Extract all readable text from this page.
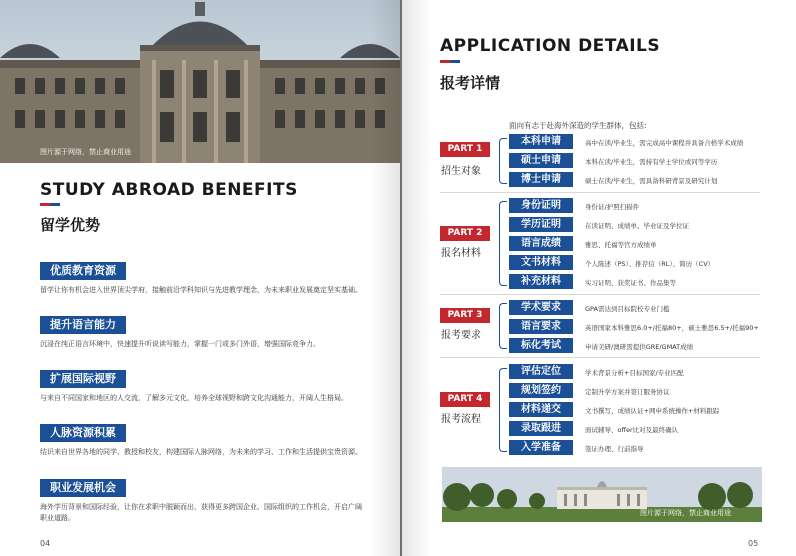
图片源于网络，禁止商业用途
STUDY ABROAD BENEFITS
留学优势
优质教育资源
留学让你有机会进入世界顶尖学府，接触前沿学科知识与先进教学理念，为未来职业发展奠定坚实基础。
提升语言能力
沉浸在纯正语言环境中，快速提升听说读写能力，掌握一门或多门外语，增强国际竞争力。
扩展国际视野
与来自不同国家和地区的人交流，了解多元文化，培养全球视野和跨文化沟通能力，开阔人生格局。
人脉资源积累
结识来自世界各地的同学、教授和校友，构建国际人脉网络，为未来的学习、工作和生活提供宝贵资源。
职业发展机会
海外学历背景和国际经验，让你在求职中脱颖而出，获得更多跨国企业、国际组织的工作机会，开启广阔职业道路。
04
APPLICATION DETAILS
报考详情
面向有志于赴海外深造的学生群体，包括:
PART 1
招生对象
本科申请	高中在读/毕业生，需完成高中课程并具备合格学术成绩
硕士申请	本科在读/毕业生，需持有学士学位或同等学历
博士申请	硕士在读/毕业生，需具备科研背景及研究计划
PART 2
报名材料
身份证明	身份证/护照扫描件
学历证明	在读证明、成绩单、毕业证及学位证
语言成绩	雅思、托福等官方成绩单
文书材料	个人陈述（PS）、推荐信（RL）、简历（CV）
补充材料	实习证明、获奖证书、作品集等
PART 3
报考要求
学术要求	GPA需达到目标院校专业门槛
语言要求	英语国家本科雅思6.0+/托福80+，硕士雅思6.5+/托福90+
标化考试	申请美研/澳研需提供GRE/GMAT成绩
PART 4
报考流程
评估定位	学术背景分析+目标国家/专业匹配
规划签约	定制升学方案并签订服务协议
材料递交	文书撰写、成绩认证+网申系统操作+材料跟踪
录取跟进	面试辅导、offer比对及最终确认
入学准备	签证办理、行前指导
图片源于网络，禁止商业用途
05
